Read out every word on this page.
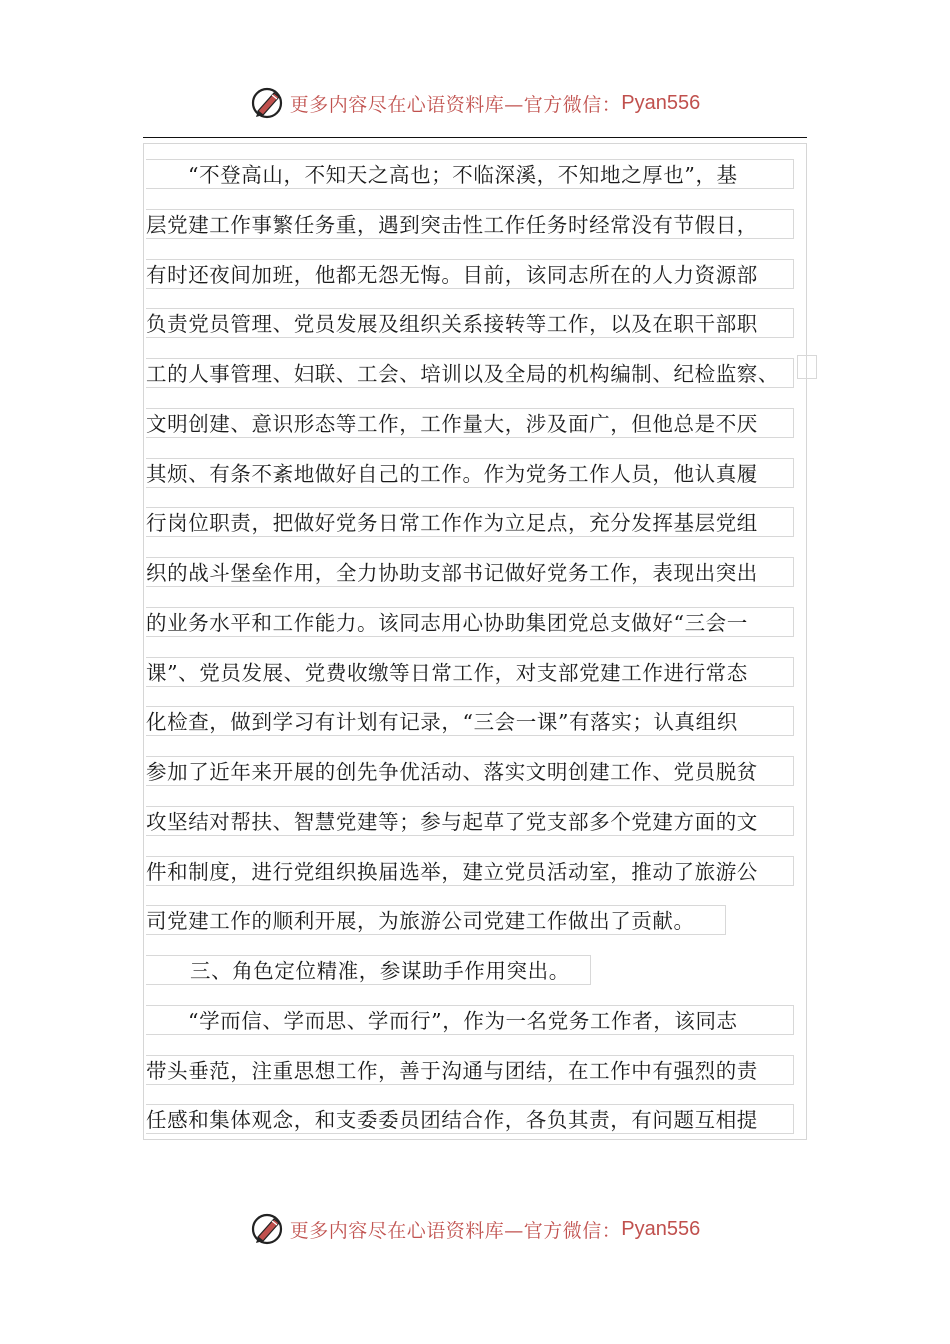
更多内容尽在心语资料库—官方微信： Pyan556
“不登高山，不知天之高也；不临深溪，不知地之厚也”，基
层党建工作事繁任务重，遇到突击性工作任务时经常没有节假日，
有时还夜间加班，他都无怨无悔。目前，该同志所在的人力资源部
负责党员管理、党员发展及组织关系接转等工作，以及在职干部职
工的人事管理、妇联、工会、培训以及全局的机构编制、纪检监察、
文明创建、意识形态等工作，工作量大，涉及面广，但他总是不厌
其烦、有条不紊地做好自己的工作。作为党务工作人员，他认真履
行岗位职责，把做好党务日常工作作为立足点，充分发挥基层党组
织的战斗堡垒作用，全力协助支部书记做好党务工作，表现出突出
的业务水平和工作能力。该同志用心协助集团党总支做好“三会一
课”、党员发展、党费收缴等日常工作，对支部党建工作进行常态
化检查，做到学习有计划有记录，“三会一课”有落实；认真组织
参加了近年来开展的创先争优活动、落实文明创建工作、党员脱贫
攻坚结对帮扶、智慧党建等；参与起草了党支部多个党建方面的文
件和制度，进行党组织换届选举，建立党员活动室，推动了旅游公
司党建工作的顺利开展，为旅游公司党建工作做出了贡献。
三、角色定位精准，参谋助手作用突出。
“学而信、学而思、学而行”，作为一名党务工作者，该同志
带头垂范，注重思想工作，善于沟通与团结，在工作中有强烈的责
任感和集体观念，和支委委员团结合作，各负其责，有问题互相提
更多内容尽在心语资料库—官方微信： Pyan556
